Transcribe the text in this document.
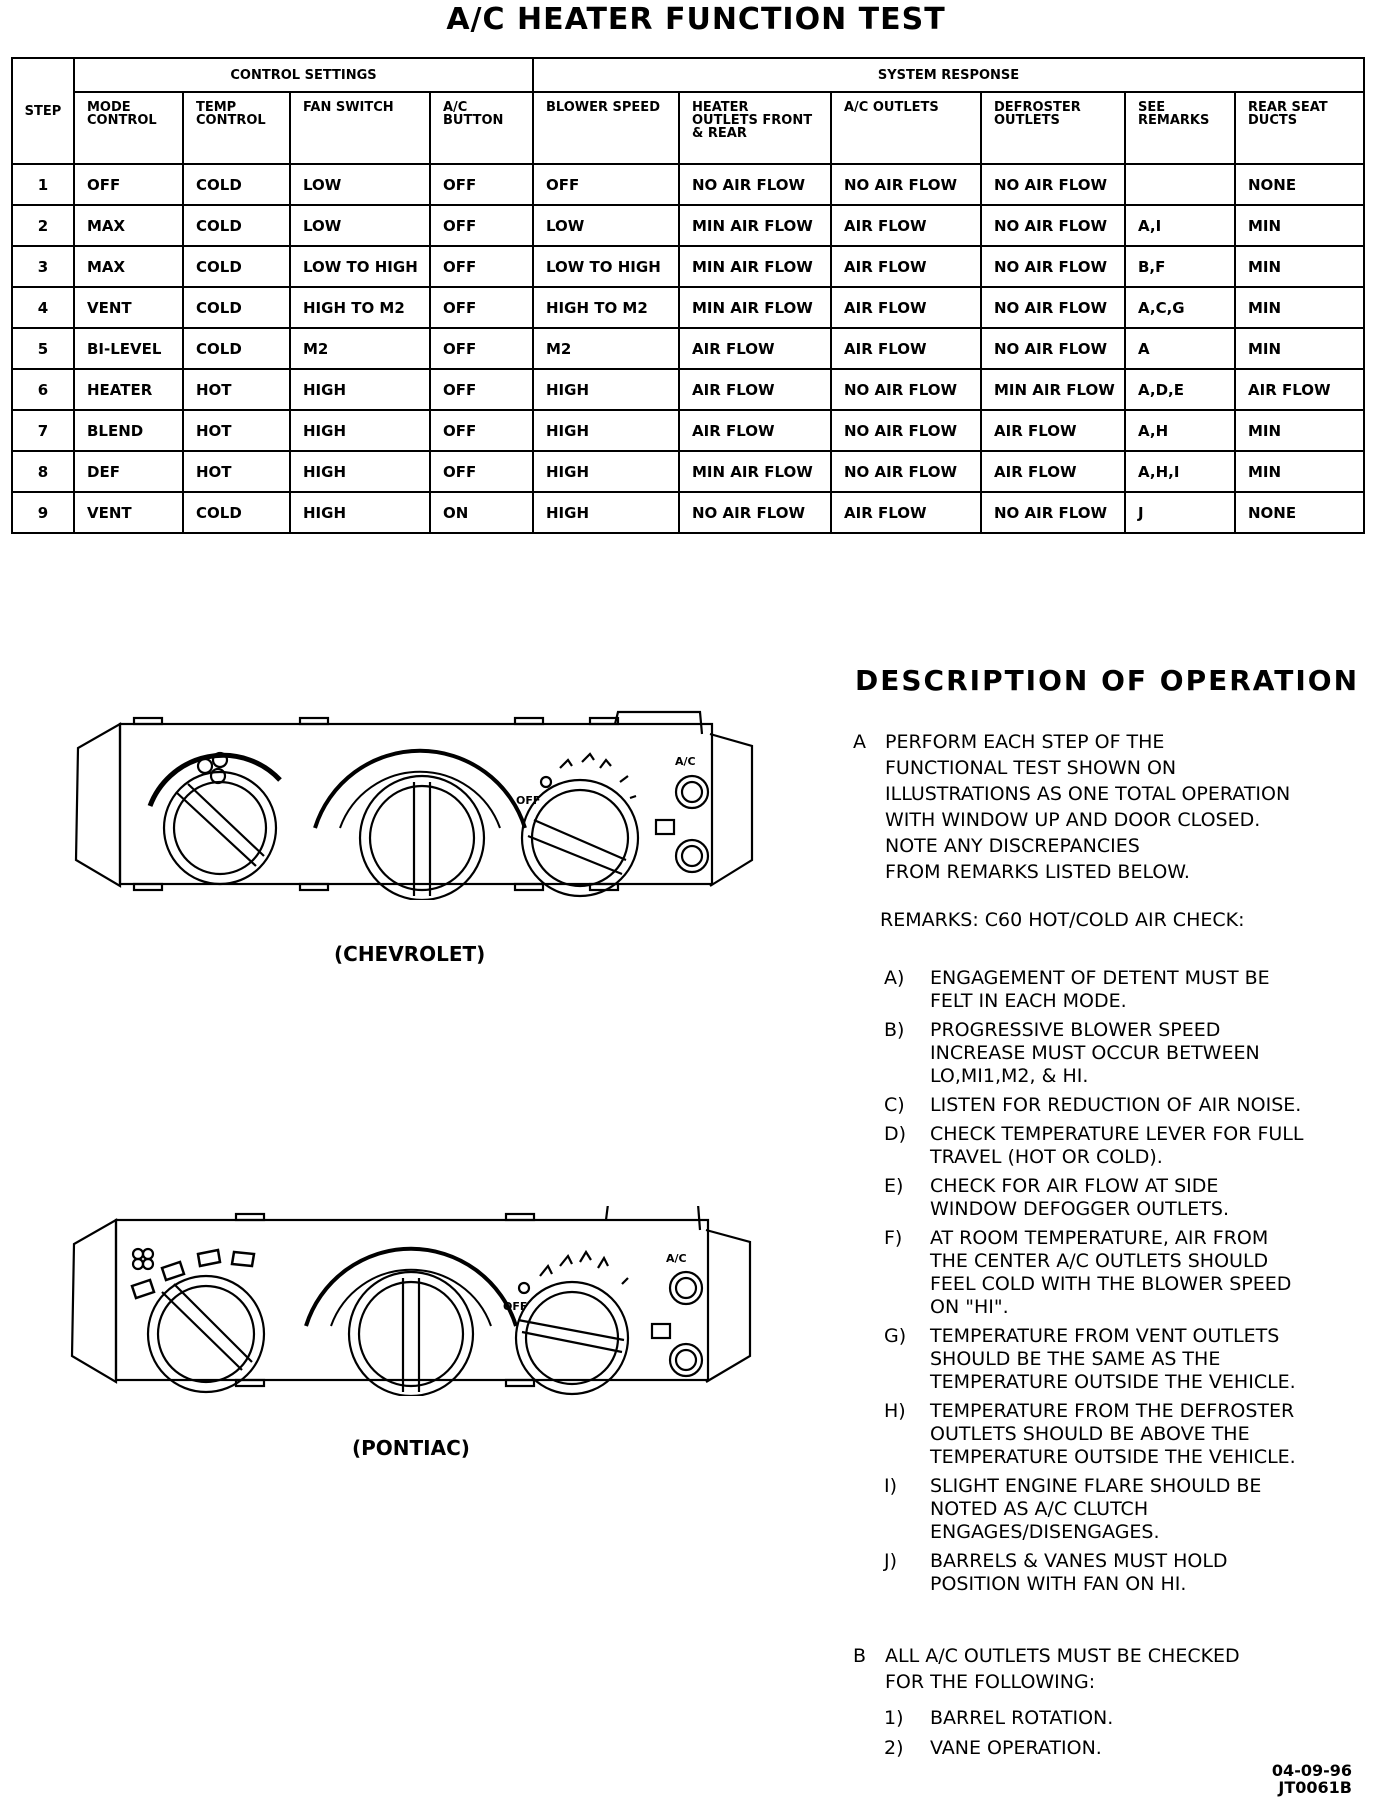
A/C HEATER FUNCTION TEST
STEP	CONTROL SETTINGS				SYSTEM RESPONSE					
	MODE CONTROL	TEMP CONTROL	FAN SWITCH	A/C BUTTON	BLOWER SPEED	HEATER OUTLETS FRONT & REAR	A/C OUTLETS	DEFROSTER OUTLETS	SEE REMARKS	REAR SEAT DUCTS
1	OFF	COLD	LOW	OFF	OFF	NO AIR FLOW	NO AIR FLOW	NO AIR FLOW		NONE
2	MAX	COLD	LOW	OFF	LOW	MIN AIR FLOW	AIR FLOW	NO AIR FLOW	A,I	MIN
3	MAX	COLD	LOW TO HIGH	OFF	LOW TO HIGH	MIN AIR FLOW	AIR FLOW	NO AIR FLOW	B,F	MIN
4	VENT	COLD	HIGH TO M2	OFF	HIGH TO M2	MIN AIR FLOW	AIR FLOW	NO AIR FLOW	A,C,G	MIN
5	BI-LEVEL	COLD	M2	OFF	M2	AIR FLOW	AIR FLOW	NO AIR FLOW	A	MIN
6	HEATER	HOT	HIGH	OFF	HIGH	AIR FLOW	NO AIR FLOW	MIN AIR FLOW	A,D,E	AIR FLOW
7	BLEND	HOT	HIGH	OFF	HIGH	AIR FLOW	NO AIR FLOW	AIR FLOW	A,H	MIN
8	DEF	HOT	HIGH	OFF	HIGH	MIN AIR FLOW	NO AIR FLOW	AIR FLOW	A,H,I	MIN
9	VENT	COLD	HIGH	ON	HIGH	NO AIR FLOW	AIR FLOW	NO AIR FLOW	J	NONE
OFF
A/C
(CHEVROLET)
OFF
A/C
(PONTIAC)
DESCRIPTION OF OPERATION
A PERFORM EACH STEP OF THE
FUNCTIONAL TEST SHOWN ON
ILLUSTRATIONS AS ONE TOTAL OPERATION
WITH WINDOW UP AND DOOR CLOSED.
NOTE ANY DISCREPANCIES
FROM REMARKS LISTED BELOW.
REMARKS: C60 HOT/COLD AIR CHECK:
A) ENGAGEMENT OF DETENT MUST BE
FELT IN EACH MODE.
B) PROGRESSIVE BLOWER SPEED
INCREASE MUST OCCUR BETWEEN
LO,MI1,M2, & HI.
C) LISTEN FOR REDUCTION OF AIR NOISE.
D) CHECK TEMPERATURE LEVER FOR FULL
TRAVEL (HOT OR COLD).
E) CHECK FOR AIR FLOW AT SIDE
WINDOW DEFOGGER OUTLETS.
F) AT ROOM TEMPERATURE, AIR FROM
THE CENTER A/C OUTLETS SHOULD
FEEL COLD WITH THE BLOWER SPEED
ON "HI".
G) TEMPERATURE FROM VENT OUTLETS
SHOULD BE THE SAME AS THE
TEMPERATURE OUTSIDE THE VEHICLE.
H) TEMPERATURE FROM THE DEFROSTER
OUTLETS SHOULD BE ABOVE THE
TEMPERATURE OUTSIDE THE VEHICLE.
I) SLIGHT ENGINE FLARE SHOULD BE
NOTED AS A/C CLUTCH
ENGAGES/DISENGAGES.
J) BARRELS & VANES MUST HOLD
POSITION WITH FAN ON HI.
B ALL A/C OUTLETS MUST BE CHECKED
FOR THE FOLLOWING:
1) BARREL ROTATION.
2) VANE OPERATION.
04-09-96
JT0061B
